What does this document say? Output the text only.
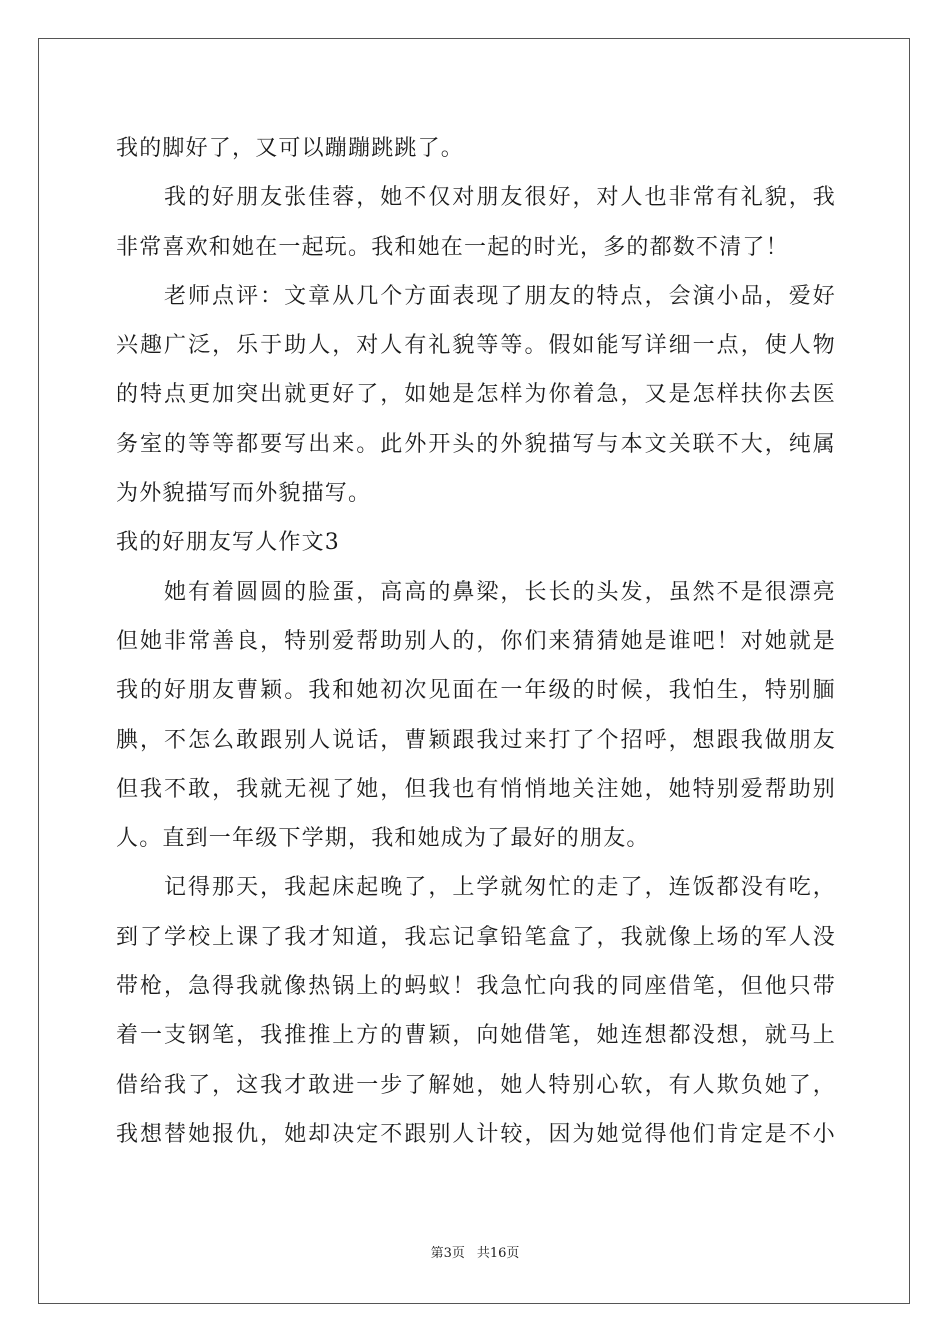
我的脚好了，又可以蹦蹦跳跳了。
我的好朋友张佳蓉，她不仅对朋友很好，对人也非常有礼貌，我
非常喜欢和她在一起玩。我和她在一起的时光，多的都数不清了！
老师点评：文章从几个方面表现了朋友的特点，会演小品，爱好
兴趣广泛，乐于助人，对人有礼貌等等。假如能写详细一点，使人物
的特点更加突出就更好了，如她是怎样为你着急，又是怎样扶你去医
务室的等等都要写出来。此外开头的外貌描写与本文关联不大，纯属
为外貌描写而外貌描写。
我的好朋友写人作文3
她有着圆圆的脸蛋，高高的鼻梁，长长的头发，虽然不是很漂亮
但她非常善良，特别爱帮助别人的，你们来猜猜她是谁吧！对她就是
我的好朋友曹颖。我和她初次见面在一年级的时候，我怕生，特别腼
腆，不怎么敢跟别人说话，曹颖跟我过来打了个招呼，想跟我做朋友
但我不敢，我就无视了她，但我也有悄悄地关注她，她特别爱帮助别
人。直到一年级下学期，我和她成为了最好的朋友。
记得那天，我起床起晚了，上学就匆忙的走了，连饭都没有吃，
到了学校上课了我才知道，我忘记拿铅笔盒了，我就像上场的军人没
带枪，急得我就像热锅上的蚂蚁！我急忙向我的同座借笔，但他只带
着一支钢笔，我推推上方的曹颖，向她借笔，她连想都没想，就马上
借给我了，这我才敢进一步了解她，她人特别心软，有人欺负她了，
我想替她报仇，她却决定不跟别人计较，因为她觉得他们肯定是不小
第3页 共16页
